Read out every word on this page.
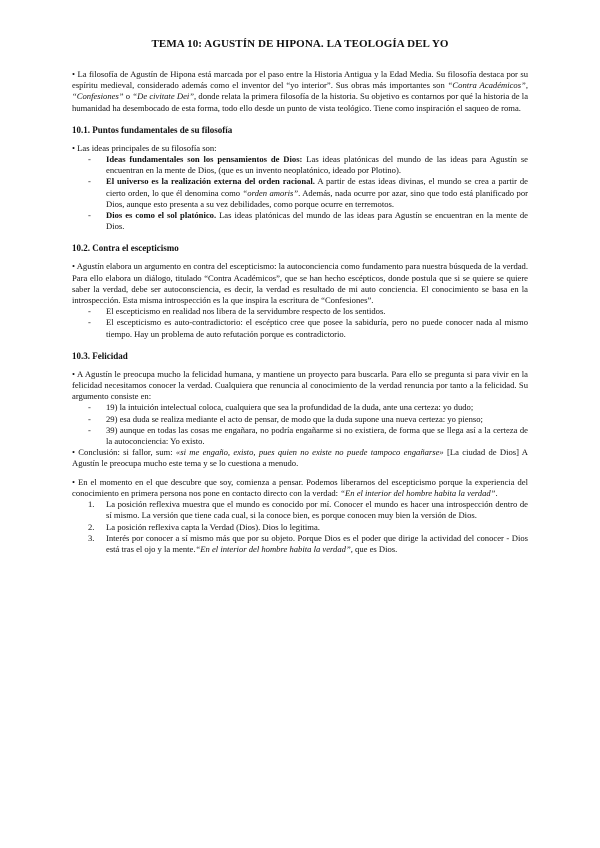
TEMA 10: AGUSTÍN DE HIPONA. LA TEOLOGÍA DEL YO

• La filosofía de Agustín de Hipona está marcada por el paso entre la Historia Antigua y la Edad Media. Su filosofía destaca por su espíritu medieval, considerado además como el inventor del “yo interior”. Sus obras más importantes son “Contra Académicos”, “Confesiones” o “De civitate Dei”, donde relata la primera filosofía de la historia. Su objetivo es contarnos por qué la historia de la humanidad ha desembocado de esta forma, todo ello desde un punto de vista teológico. Tiene como inspiración el saqueo de roma.

10.1. Puntos fundamentales de su filosofía

• Las ideas principales de su filosofía son:

- Ideas fundamentales son los pensamientos de Dios: Las ideas platónicas del mundo de las ideas para Agustín se encuentran en la mente de Dios, (que es un invento neoplatónico, ideado por Plotino).
- El universo es la realización externa del orden racional. A partir de estas ideas divinas, el mundo se crea a partir de cierto orden, lo que él denomina como “orden amoris”. Además, nada ocurre por azar, sino que todo está planificado por Dios, aunque esto presenta a su vez debilidades, como porque ocurre en terremotos.
- Dios es como el sol platónico. Las ideas platónicas del mundo de las ideas para Agustín se encuentran en la mente de Dios.
10.2. Contra el escepticismo

• Agustín elabora un argumento en contra del escepticismo: la autoconciencia como fundamento para nuestra búsqueda de la verdad. Para ello elabora un diálogo, titulado “Contra Académicos”, que se han hecho escépticos, donde postula que si se quiere se quiere saber la verdad, debe ser autoconsciencia, es decir, la verdad es resultado de mi auto conciencia. El conocimiento se basa en la introspección. Esta misma introspección es la que inspira la escritura de “Confesiones”.

- El escepticismo en realidad nos libera de la servidumbre respecto de los sentidos.
- El escepticismo es auto-contradictorio: el escéptico cree que posee la sabiduría, pero no puede conocer nada al mismo tiempo. Hay un problema de auto refutación porque es contradictorio.
10.3. Felicidad

• A Agustín le preocupa mucho la felicidad humana, y mantiene un proyecto para buscarla. Para ello se pregunta si para vivir en la felicidad necesitamos conocer la verdad. Cualquiera que renuncia al conocimiento de la verdad renuncia por tanto a la felicidad. Su argumento consiste en:

- 19) la intuición intelectual coloca, cualquiera que sea la profundidad de la duda, ante una certeza: yo dudo;
- 29) esa duda se realiza mediante el acto de pensar, de modo que la duda supone una nueva certeza: yo pienso;
- 39) aunque en todas las cosas me engañara, no podría engañarme si no existiera, de forma que se llega así a la certeza de la autoconciencia: Yo existo.

• Conclusión: si fallor, sum: «si me engaño, existo, pues quien no existe no puede tampoco engañarse» [La ciudad de Dios] A Agustín le preocupa mucho este tema y se lo cuestiona a menudo.

• En el momento en el que descubre que soy, comienza a pensar. Podemos liberarnos del escepticismo porque la experiencia del conocimiento en primera persona nos pone en contacto directo con la verdad: “En el interior del hombre habita la verdad”.

1. La posición reflexiva muestra que el mundo es conocido por mí. Conocer el mundo es hacer una introspección dentro de sí mismo. La versión que tiene cada cual, si la conoce bien, es porque conocen muy bien la versión de Dios.
2. La posición reflexiva capta la Verdad (Dios). Dios lo legitima.
3. Interés por conocer a sí mismo más que por su objeto. Porque Dios es el poder que dirige la actividad del conocer - Dios está tras el ojo y la mente.“En el interior del hombre habita la verdad”, que es Dios.
